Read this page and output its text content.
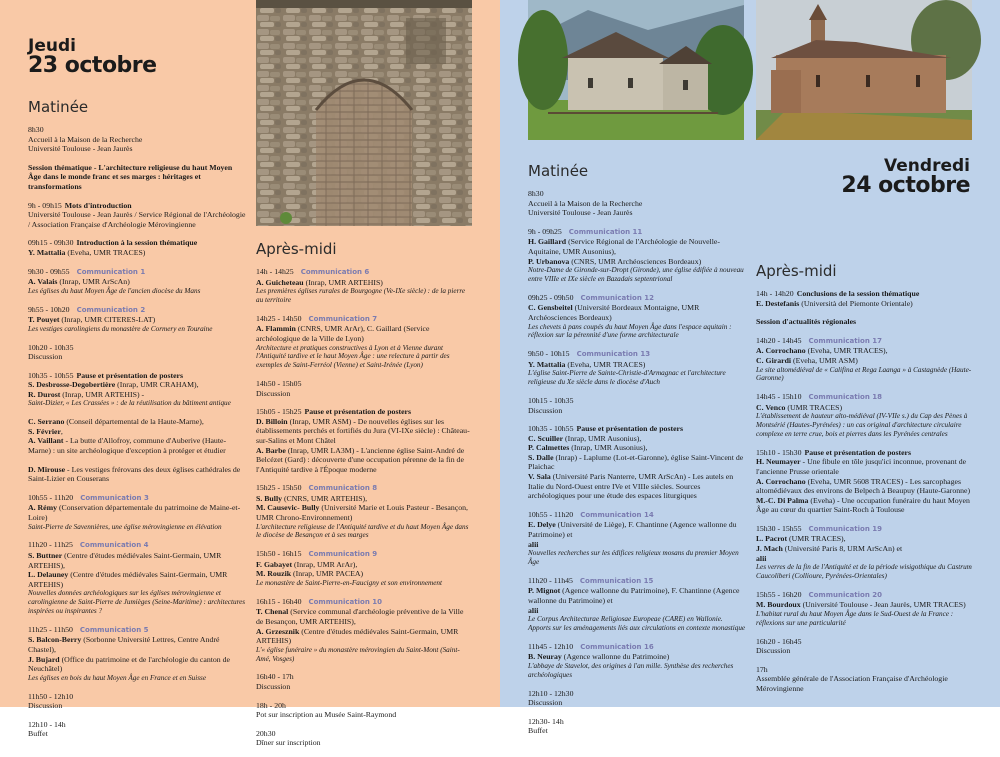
Jeudi
23 octobre
Matinée
8h30
Accueil à la Maison de la Recherche
Université Toulouse - Jean Jaurès
Session thématique - L'architecture religieuse du haut Moyen Âge dans le monde franc et ses marges : héritages et transformations
9h - 09h15 Mots d'introduction
Université Toulouse - Jean Jaurès / Service Régional de l'Archéologie / Association Française d'Archéologie Mérovingienne
09h15 - 09h30 Introduction à la session thématique
Y. Mattalia (Eveha, UMR TRACES)
9h30 - 09h55 Communication 1
A. Valais (Inrap, UMR ArScAn)
Les églises du haut Moyen Âge de l'ancien diocèse du Mans
9h55 - 10h20 Communication 2
T. Pouyet (Inrap, UMR CITERES-LAT)
Les vestiges carolingiens du monastère de Cormery en Touraine
10h20 - 10h35
Discussion
10h35 - 10h55 Pause et présentation de posters
S. Desbrosse-Degobertière (Inrap, UMR CRAHAM),
R. Durost (Inrap, UMR ARTEHIS) -
Saint-Dizier, « Les Crassées » : de la réutilisation du bâtiment antique
C. Serrano (Conseil départemental de la Haute-Marne),
S. Février,
A. Vaillant - La butte d'Allofroy, commune d'Auberive (Haute-Marne) : un site archéologique d'exception à protéger et étudier
D. Mirouse - Les vestiges frérovans des deux églises cathédrales de Saint-Lizier en Couserans
10h55 - 11h20 Communication 3
A. Rémy (Conservation départementale du patrimoine de Maine-et-Loire)
Saint-Pierre de Savennières, une église mérovingienne en élévation
11h20 - 11h25 Communication 4
S. Buttner (Centre d'études médiévales Saint-Germain, UMR ARTEHIS),
L. Delauney (Centre d'études médiévales Saint-Germain, UMR ARTEHIS)
Nouvelles données archéologiques sur les églises mérovingienne et carolingienne de Saint-Pierre de Jumièges (Seine-Maritime) : architectures inspirées ou inspirantes ?
11h25 - 11h50 Communication 5
S. Balcon-Berry (Sorbonne Université Lettres, Centre André Chastel),
J. Bujard (Office du patrimoine et de l'archéologie du canton de Neuchâtel)
Les églises en bois du haut Moyen Âge en France et en Suisse
11h50 - 12h10
Discussion
12h10 - 14h
Buffet
Après-midi
14h - 14h25 Communication 6
A. Guicheteau (Inrap, UMR ARTEHIS)
Les premières églises rurales de Bourgogne (Ve-IXe siècle) : de la pierre au territoire
14h25 - 14h50 Communication 7
A. Flammin (CNRS, UMR ArAr), C. Gaillard (Service archéologique de la Ville de Lyon)
Architecture et pratiques constructives à Lyon et à Vienne durant l'Antiquité tardive et le haut Moyen Âge : une relecture à partir des exemples de Saint-Ferréol (Vienne) et Saint-Irénée (Lyon)
14h50 - 15h05
Discussion
15h05 - 15h25 Pause et présentation de posters
D. Billoin (Inrap, UMR ASM) - De nouvelles églises sur les établissements perchés et fortifiés du Jura (VI-IXe siècle) : Château-sur-Salins et Mont Châtel
A. Barbe (Inrap, UMR LA3M) - L'ancienne église Saint-André de Belcézet (Gard) : découverte d'une occupation pérenne de la fin de l'Antiquité tardive à l'Époque moderne
15h25 - 15h50 Communication 8
S. Bully (CNRS, UMR ARTEHIS),
M. Causevic- Bully (Université Marie et Louis Pasteur - Besançon, UMR Chrono-Environnement)
L'architecture religieuse de l'Antiquité tardive et du haut Moyen Âge dans le diocèse de Besançon et à ses marges
15h50 - 16h15 Communication 9
F. Gabayet (Inrap, UMR ArAr),
M. Rouzik (Inrap, UMR PACEA)
Le monastère de Saint-Pierre-en-Faucigny et son environnement
16h15 - 16h40 Communication 10
T. Chenal (Service communal d'archéologie préventive de la Ville de Besançon, UMR ARTEHIS),
A. Grzesznik (Centre d'études médiévales Saint-Germain, UMR ARTEHIS)
L'« église funéraire » du monastère mérovingien du Saint-Mont (Saint-Amé, Vosges)
16h40 - 17h
Discussion
18h - 20h
Pot sur inscription au Musée Saint-Raymond
20h30
Dîner sur inscription
Vendredi
24 octobre
Matinée
8h30
Accueil à la Maison de la Recherche
Université Toulouse - Jean Jaurès
9h - 09h25 Communication 11
H. Gaillard (Service Régional de l'Archéologie de Nouvelle-Aquitaine, UMR Ausonius),
P. Urbanova (CNRS, UMR Archéosciences Bordeaux)
Notre-Dame de Gironde-sur-Dropt (Gironde), une église édifiée à nouveau entre VIIIe et IXe siècle en Bazadais septentrional
09h25 - 09h50 Communication 12
C. Gensbeitel (Université Bordeaux Montaigne, UMR Archéosciences Bordeaux)
Les chevets à pans coupés du haut Moyen Âge dans l'espace aquitain : réflexion sur la pérennité d'une forme architecturale
9h50 - 10h15 Communication 13
Y. Mattalia (Eveha, UMR TRACES)
L'église Saint-Pierre de Sainte-Christie-d'Armagnac et l'architecture religieuse du Xe siècle dans le diocèse d'Auch
10h15 - 10h35
Discussion
10h35 - 10h55 Pause et présentation de posters
C. Scuiller (Inrap, UMR Ausonius),
P. Calmettes (Inrap, UMR Ausonius),
S. Dalle (Inrap) - Laplume (Lot-et-Garonne), église Saint-Vincent de Plaichac
V. Sala (Université Paris Nanterre, UMR ArScAn) - Les autels en Italie du Nord-Ouest entre IVe et VIIIe siècles. Sources archéologiques pour une étude des espaces liturgiques
10h55 - 11h20 Communication 14
E. Delye (Université de Liège), F. Chantinne (Agence wallonne du Patrimoine) et
alii
Nouvelles recherches sur les édifices religieux mosans du premier Moyen Âge
11h20 - 11h45 Communication 15
P. Mignot (Agence wallonne du Patrimoine), F. Chantinne (Agence wallonne du Patrimoine) et
alii
Le Corpus Architecturae Religiosae Europeae (CARE) en Wallonie. Apports sur les aménagements liés aux circulations en contexte monastique
11h45 - 12h10 Communication 16
B. Neuray (Agence wallonne du Patrimoine)
L'abbaye de Stavelot, des origines à l'an mille. Synthèse des recherches archéologiques
12h10 - 12h30
Discussion
12h30- 14h
Buffet
Après-midi
14h - 14h20 Conclusions de la session thématique
E. Destefanis (Università del Piemonte Orientale)
Session d'actualités régionales
14h20 - 14h45 Communication 17
A. Corrochano (Eveha, UMR TRACES),
C. Girardi (Eveha, UMR ASM)
Le site altomédiéval de « Califina et Rega Laanga » à Castagnède (Haute-Garonne)
14h45 - 15h10 Communication 18
C. Venco (UMR TRACES)
L'établissement de hauteur alto-médiéval (IV-VIIe s.) du Cap des Pènes à Montsérié (Hautes-Pyrénées) : un cas original d'architecture circulaire complexe en terre crue, bois et pierres dans les Pyrénées centrales
15h10 - 15h30 Pause et présentation de posters
H. Neumayer - Une fibule en tôle jusqu'ici inconnue, provenant de l'ancienne Prusse orientale
A. Corrochano (Eveha, UMR 5608 TRACES) - Les sarcophages altomédiévaux des environs de Belpech à Beaupuy (Haute-Garonne)
M.-C. Di Palma (Eveha) - Une occupation funéraire du haut Moyen Âge au cœur du quartier Saint-Roch à Toulouse
15h30 - 15h55 Communication 19
L. Pacrot (UMR TRACES),
J. Mach (Université Paris 8, URM ArScAn) et
alii
Les verres de la fin de l'Antiquité et de la période wisigothique du Castrum Caucoliberi (Collioure, Pyrénées-Orientales)
15h55 - 16h20 Communication 20
M. Bourdoux (Université Toulouse - Jean Jaurès, UMR TRACES)
L'habitat rural du haut Moyen Âge dans le Sud-Ouest de la France : réflexions sur une particularité
16h20 - 16h45
Discussion
17h
Assemblée générale de l'Association Française d'Archéologie Mérovingienne
